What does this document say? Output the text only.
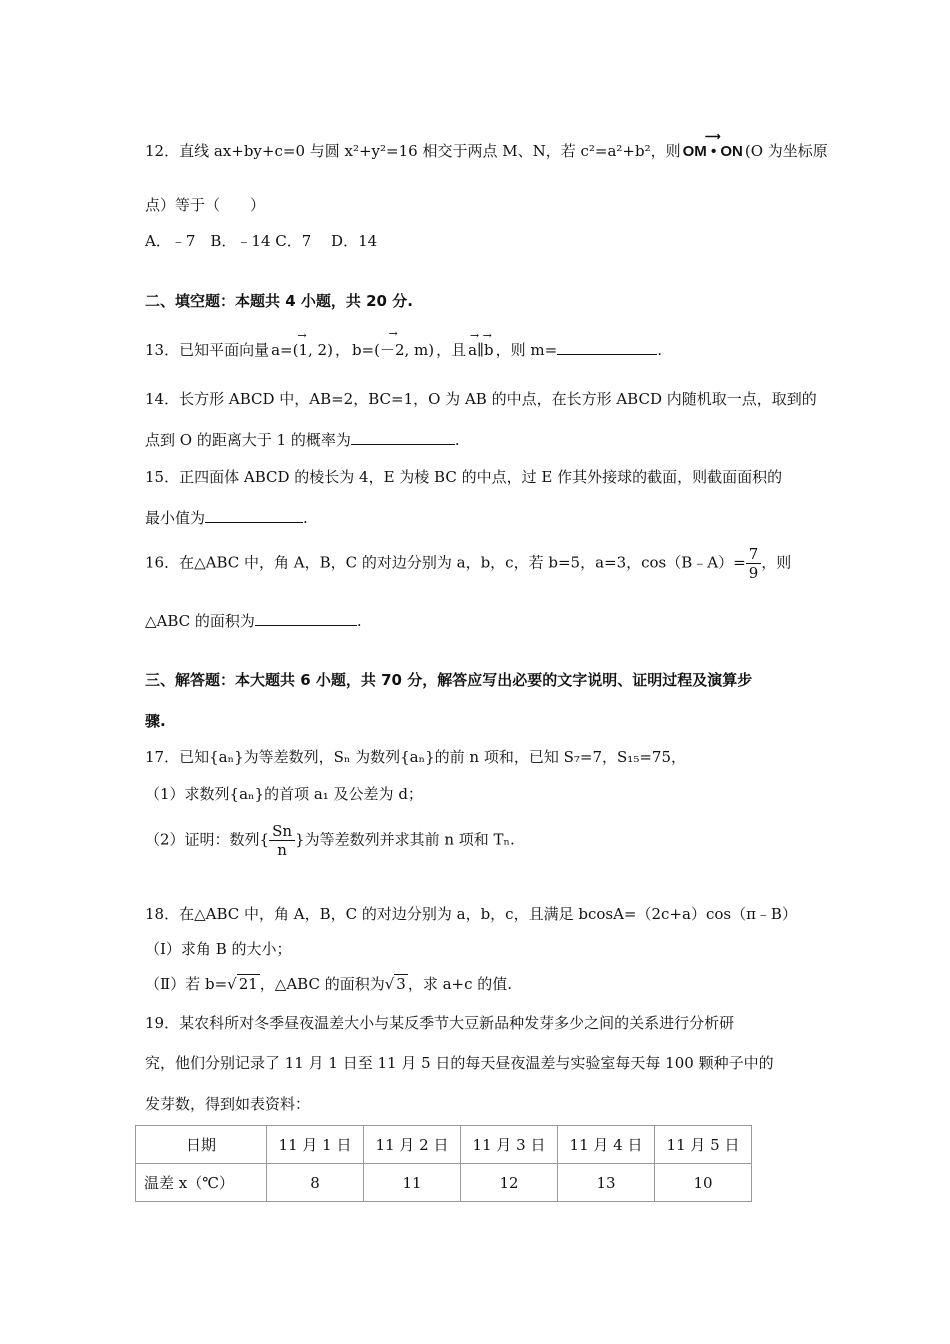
12．直线 ax+by+c=0 与圆 x²+y²=16 相交于两点 M、N，若 c²=a²+b²，则
⟶
OM • ON (O 为坐标原
点）等于（　　）
A．﹣7　B．﹣14 C．7　 D．14
二、填空题：本题共 4 小题，共 20 分.
13．已知平面向量
→
a=(1, 2) ，
→
b=(－2, m) ，且
→ →
a∥b ，则 m=	.
14．长方形 ABCD 中，AB=2，BC=1，O 为 AB 的中点，在长方形 ABCD 内随机取一点，取到的
点到 O 的距离大于 1 的概率为	.
15．正四面体 ABCD 的棱长为 4，E 为棱 BC 的中点，过 E 作其外接球的截面，则截面面积的
最小值为	.
16．在△ABC 中，角 A，B，C 的对边分别为 a，b，c，若 b=5，a=3，cos（B﹣A）= $\frac{7}{9}$ ，则
△ABC 的面积为	.
三、解答题：本大题共 6 小题，共 70 分，解答应写出必要的文字说明、证明过程及演算步
骤.
17．已知{aₙ}为等差数列，Sₙ 为数列{aₙ}的前 n 项和，已知 S₇=7，S₁₅=75，
（1）求数列{aₙ}的首项 a₁ 及公差为 d；
（2）证明：数列{ $\frac{Sn}{n}$ }为等差数列并求其前 n 项和 Tₙ.
18．在△ABC 中，角 A，B，C 的对边分别为 a，b，c，且满足 bcosA=（2c+a）cos（π﹣B）
（Ⅰ）求角 B 的大小；
（Ⅱ）若 b=√ 21 ，△ABC 的面积为√ 3 ，求 a+c 的值.
19．某农科所对冬季昼夜温差大小与某反季节大豆新品种发芽多少之间的关系进行分析研
究，他们分别记录了 11 月 1 日至 11 月 5 日的每天昼夜温差与实验室每天每 100 颗种子中的
发芽数，得到如表资料：
日期	11 月 1 日	11 月 2 日	11 月 3 日	11 月 4 日	11 月 5 日
温差 x（℃）	8	11	12	13	10
